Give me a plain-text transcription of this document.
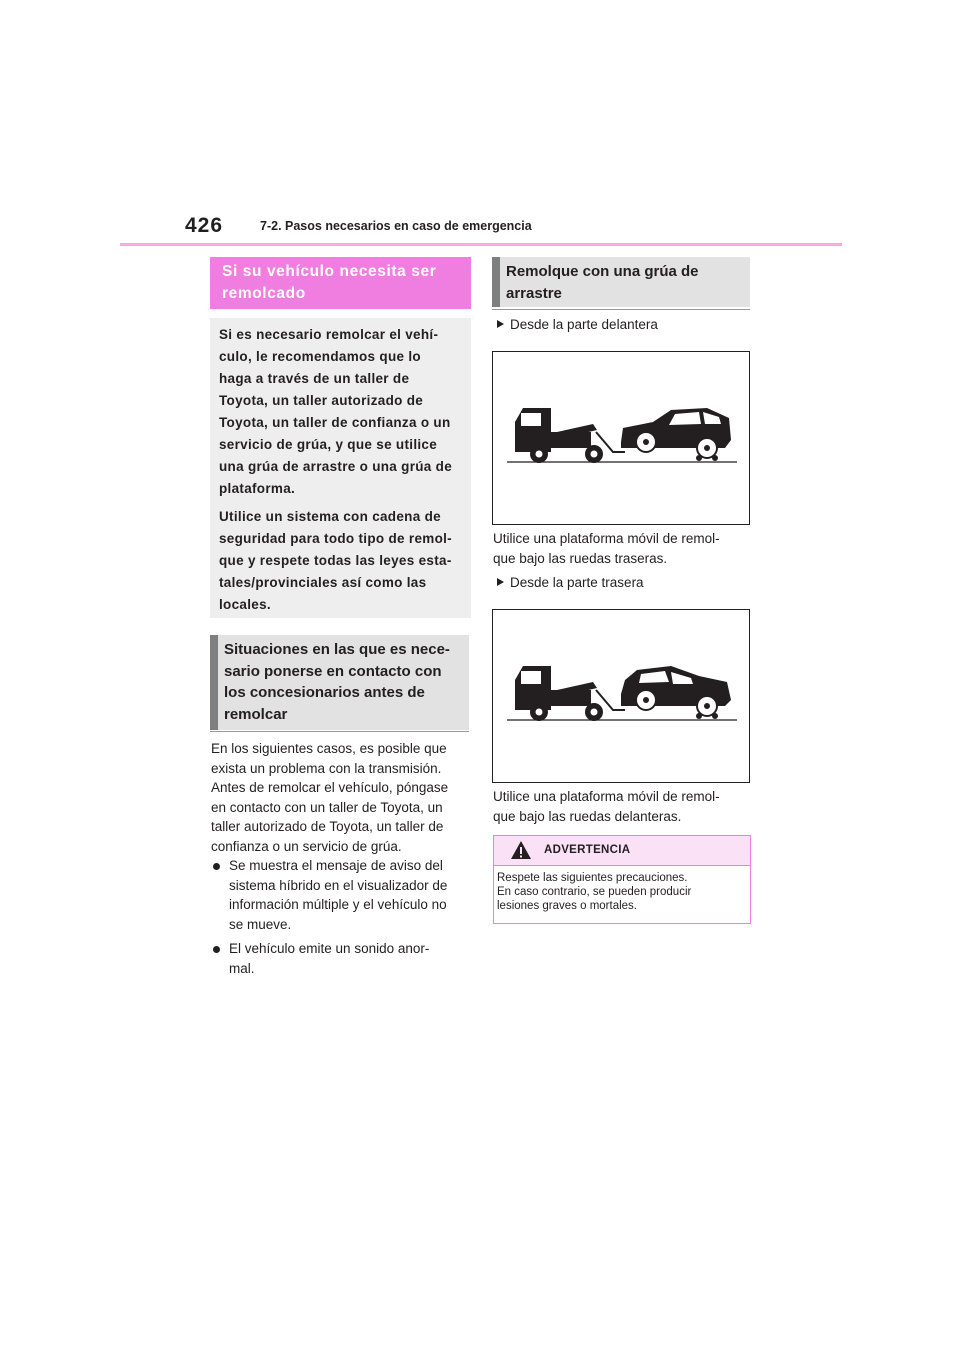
426	7-2. Pasos necesarios en caso de emergencia
Si su vehículo necesita ser remolcado

Si es necesario remolcar el vehí-

culo, le recomendamos que lo

haga a través de un taller de

Toyota, un taller autorizado de

Toyota, un taller de confianza o un

servicio de grúa, y que se utilice

una grúa de arrastre o una grúa de

plataforma.

Utilice un sistema con cadena de

seguridad para todo tipo de remol-

que y respete todas las leyes esta-

tales/provinciales así como las

locales.

Situaciones en las que es nece-
sario ponerse en contacto con
los concesionarios antes de
remolcar
En los siguientes casos, es posible que
exista un problema con la transmisión.
Antes de remolcar el vehículo, póngase
en contacto con un taller de Toyota, un
taller autorizado de Toyota, un taller de
confianza o un servicio de grúa.
Se muestra el mensaje de aviso del
sistema híbrido en el visualizador de
información múltiple y el vehículo no
se mueve.
El vehículo emite un sonido anor-
mal.
Remolque con una grúa de
arrastre
Desde la parte delantera
Utilice una plataforma móvil de remol-
que bajo las ruedas traseras.
Desde la parte trasera
Utilice una plataforma móvil de remol-
que bajo las ruedas delanteras.
ADVERTENCIA
Respete las siguientes precauciones.
En caso contrario, se pueden producir
lesiones graves o mortales.
